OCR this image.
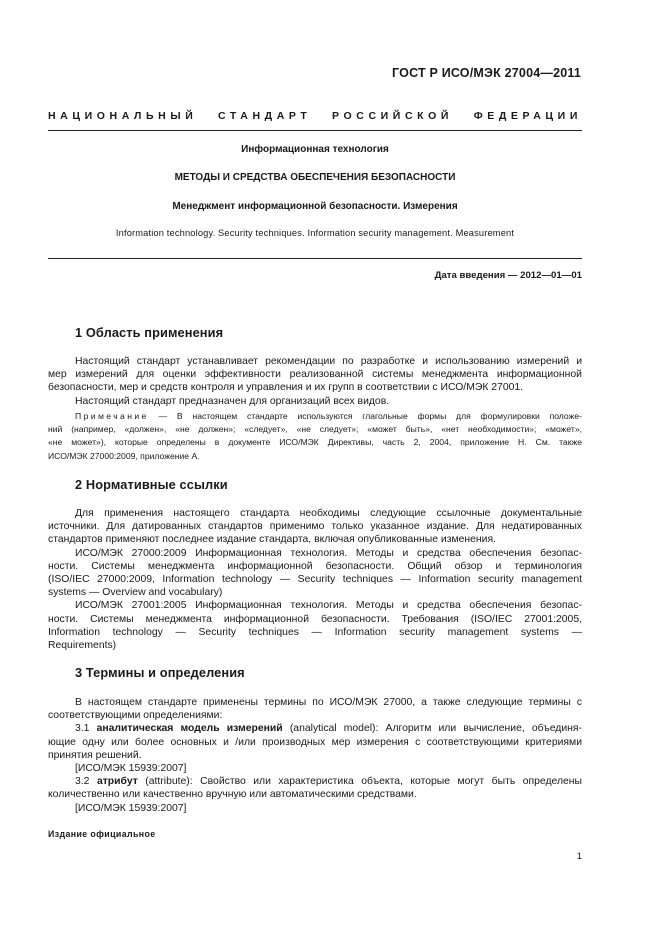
ГОСТ Р ИСО/МЭК 27004—2011
НАЦИОНАЛЬНЫЙ СТАНДАРТ РОССИЙСКОЙ ФЕДЕРАЦИИ
Информационная технология
МЕТОДЫ И СРЕДСТВА ОБЕСПЕЧЕНИЯ БЕЗОПАСНОСТИ
Менеджмент информационной безопасности. Измерения
Information technology. Security techniques. Information security management. Measurement
Дата введения — 2012—01—01
1 Область применения
Настоящий стандарт устанавливает рекомендации по разработке и использованию измерений и
мер измерений для оценки эффективности реализованной системы менеджмента информационной
безопасности, мер и средств контроля и управления и их групп в соответствии с ИСО/МЭК 27001.
Настоящий стандарт предназначен для организаций всех видов.
Примечание — В настоящем стандарте используются глагольные формы для формулировки положе-
ний (например, «должен», «не должен»; «следует», «не следует»; «может быть», «нет необходимости»; «может»,
«не может»), которые определены в документе ИСО/МЭК Директивы, часть 2, 2004, приложение Н. См. также
ИСО/МЭК 27000:2009, приложение А.
2 Нормативные ссылки
Для применения настоящего стандарта необходимы следующие ссылочные документальные
источники. Для датированных стандартов применимо только указанное издание. Для недатированных
стандартов применяют последнее издание стандарта, включая опубликованные изменения.
ИСО/МЭК 27000:2009 Информационная технология. Методы и средства обеспечения безопас-
ности. Системы менеджмента информационной безопасности. Общий обзор и терминология
(ISO/IEC 27000:2009, Information technology — Security techniques — Information security management
systems — Overview and vocabulary)
ИСО/МЭК 27001:2005 Информационная технология. Методы и средства обеспечения безопас-
ности. Системы менеджмента информационной безопасности. Требования (ISO/IEC 27001:2005,
Information technology — Security techniques — Information security management systems —
Requirements)
3 Термины и определения
В настоящем стандарте применены термины по ИСО/МЭК 27000, а также следующие термины с
соответствующими определениями:
3.1 аналитическая модель измерений (analytical model): Алгоритм или вычисление, объединя-
ющие одну или более основных и /или производных мер измерения с соответствующими критериями
принятия решений.
[ИСО/МЭК 15939:2007]
3.2 атрибут (attribute): Свойство или характеристика объекта, которые могут быть определены
количественно или качественно вручную или автоматическими средствами.
[ИСО/МЭК 15939:2007]
Издание официальное
1
